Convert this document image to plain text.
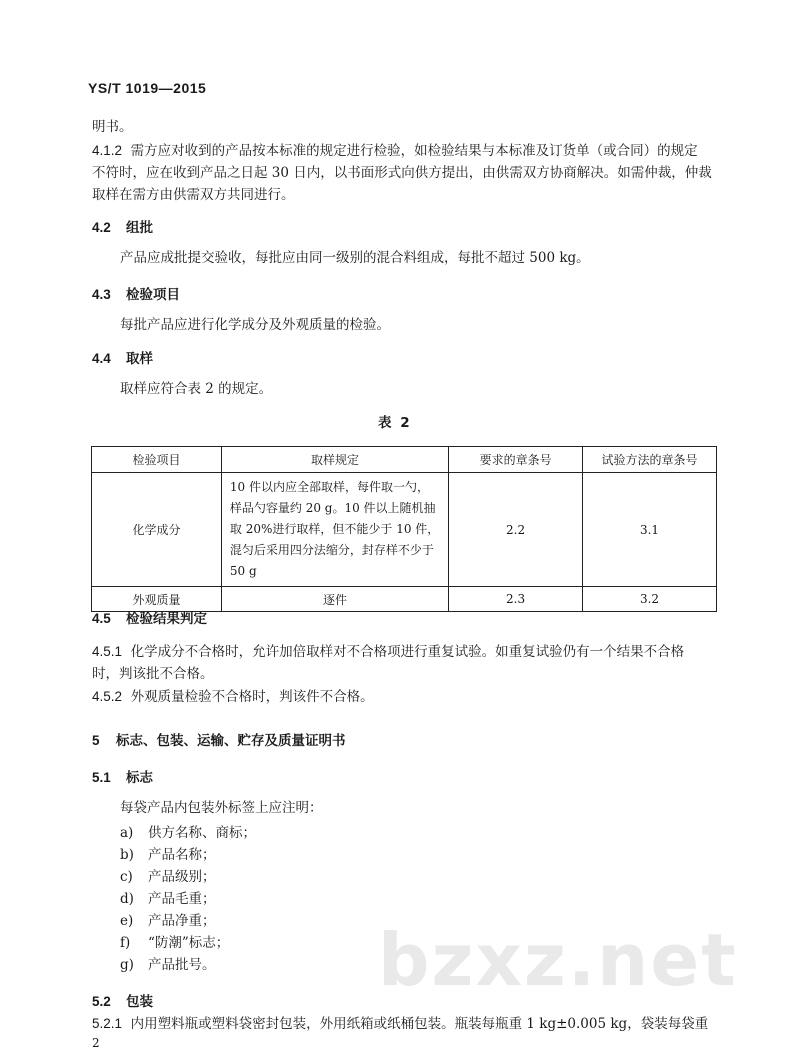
YS/T 1019—2015
明书。
4.1.2 需方应对收到的产品按本标准的规定进行检验，如检验结果与本标准及订货单（或合同）的规定
不符时，应在收到产品之日起 30 日内，以书面形式向供方提出，由供需双方协商解决。如需仲裁，仲裁
取样在需方由供需双方共同进行。
4.2 组批
产品应成批提交验收，每批应由同一级别的混合料组成，每批不超过 500 kg。
4.3 检验项目
每批产品应进行化学成分及外观质量的检验。
4.4 取样
取样应符合表 2 的规定。
表 2
检验项目	取样规定	要求的章条号	试验方法的章条号
化学成分	10 件以内应全部取样，每件取一勺，样品勺容量约 20 g。10 件以上随机抽取 20%进行取样，但不能少于 10 件，混匀后采用四分法缩分，封存样不少于 50 g	2.2	3.1
外观质量	逐件	2.3	3.2
4.5 检验结果判定
4.5.1 化学成分不合格时，允许加倍取样对不合格项进行重复试验。如重复试验仍有一个结果不合格
时，判该批不合格。
4.5.2 外观质量检验不合格时，判该件不合格。
5 标志、包装、运输、贮存及质量证明书
5.1 标志
每袋产品内包装外标签上应注明：
a) 供方名称、商标；
b) 产品名称；
c) 产品级别；
d) 产品毛重；
e) 产品净重；
f) “防潮”标志；
g) 产品批号。 bzxz.net
5.2 包装
5.2.1 内用塑料瓶或塑料袋密封包装，外用纸箱或纸桶包装。瓶装每瓶重 1 kg±0.005 kg，袋装每袋重
2
